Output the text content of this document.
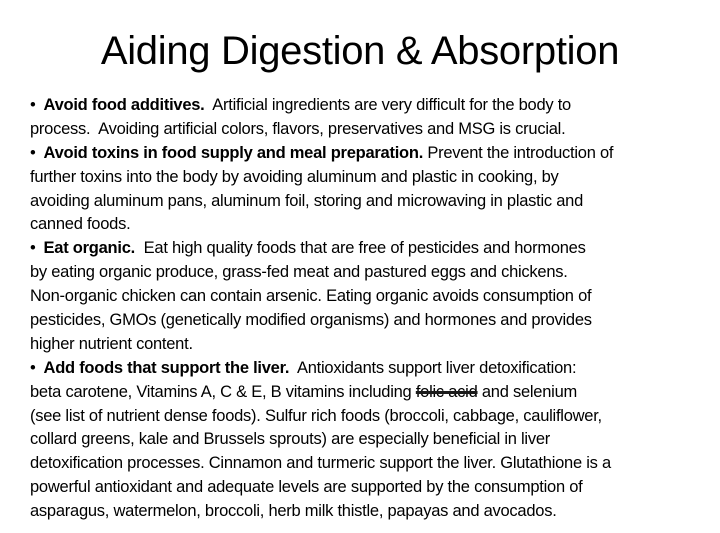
Aiding Digestion & Absorption
• Avoid food additives.  Artificial ingredients are very difficult for the body to
process.  Avoiding artificial colors, flavors, preservatives and MSG is crucial.
• Avoid toxins in food supply and meal preparation. Prevent the introduction of
further toxins into the body by avoiding aluminum and plastic in cooking, by
avoiding aluminum pans, aluminum foil, storing and microwaving in plastic and
canned foods.
• Eat organic.  Eat high quality foods that are free of pesticides and hormones
by eating organic produce, grass-fed meat and pastured eggs and chickens.
Non-organic chicken can contain arsenic. Eating organic avoids consumption of
pesticides, GMOs (genetically modified organisms) and hormones and provides
higher nutrient content.
• Add foods that support the liver.  Antioxidants support liver detoxification:
beta carotene, Vitamins A, C & E, B vitamins including folic acid and selenium
(see list of nutrient dense foods). Sulfur rich foods (broccoli, cabbage, cauliflower,
collard greens, kale and Brussels sprouts) are especially beneficial in liver
detoxification processes. Cinnamon and turmeric support the liver. Glutathione is a
powerful antioxidant and adequate levels are supported by the consumption of
asparagus, watermelon, broccoli, herb milk thistle, papayas and avocados.
